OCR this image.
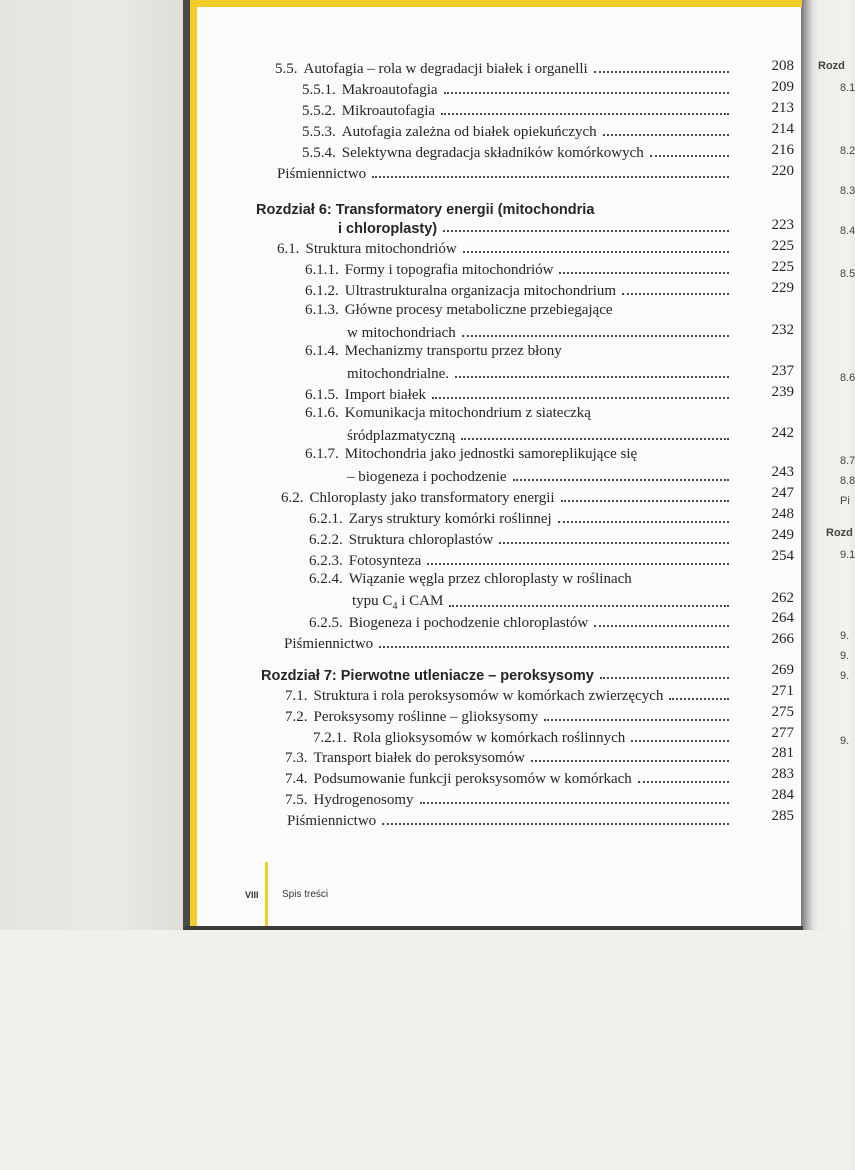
Rozd
8.1
8.2
8.3
8.4
8.5
8.6
8.7
8.8
Pi
Rozd
9.1
9.
9.
9.
9.
5.5. Autofagia – rola w degradacji białek i organelli	208
5.5.1. Makroautofagia	209
5.5.2. Mikroautofagia	213
5.5.3. Autofagia zależna od białek opiekuńczych	214
5.5.4. Selektywna degradacja składników komórkowych	216
Piśmiennictwo	220
Rozdział 6: Transformatory energii (mitochondria
i chloroplasty)	223
6.1. Struktura mitochondriów	225
6.1.1. Formy i topografia mitochondriów	225
6.1.2. Ultrastrukturalna organizacja mitochondrium	229
6.1.3. Główne procesy metaboliczne przebiegające
w mitochondriach	232
6.1.4. Mechanizmy transportu przez błony
mitochondrialne.	237
6.1.5. Import białek	239
6.1.6. Komunikacja mitochondrium z siateczką
śródplazmatyczną	242
6.1.7. Mitochondria jako jednostki samoreplikujące się
– biogeneza i pochodzenie	243
6.2. Chloroplasty jako transformatory energii	247
6.2.1. Zarys struktury komórki roślinnej	248
6.2.2. Struktura chloroplastów	249
6.2.3. Fotosynteza	254
6.2.4. Wiązanie węgla przez chloroplasty w roślinach
typu $C_4$ i CAM	262
6.2.5. Biogeneza i pochodzenie chloroplastów	264
Piśmiennictwo	266
Rozdział 7: Pierwotne utleniacze – peroksysomy	269
7.1. Struktura i rola peroksysomów w komórkach zwierzęcych	271
7.2. Peroksysomy roślinne – glioksysomy	275
7.2.1. Rola glioksysomów w komórkach roślinnych	277
7.3. Transport białek do peroksysomów	281
7.4. Podsumowanie funkcji peroksysomów w komórkach	283
7.5. Hydrogenosomy	284
Piśmiennictwo	285
VIII Spis treści
